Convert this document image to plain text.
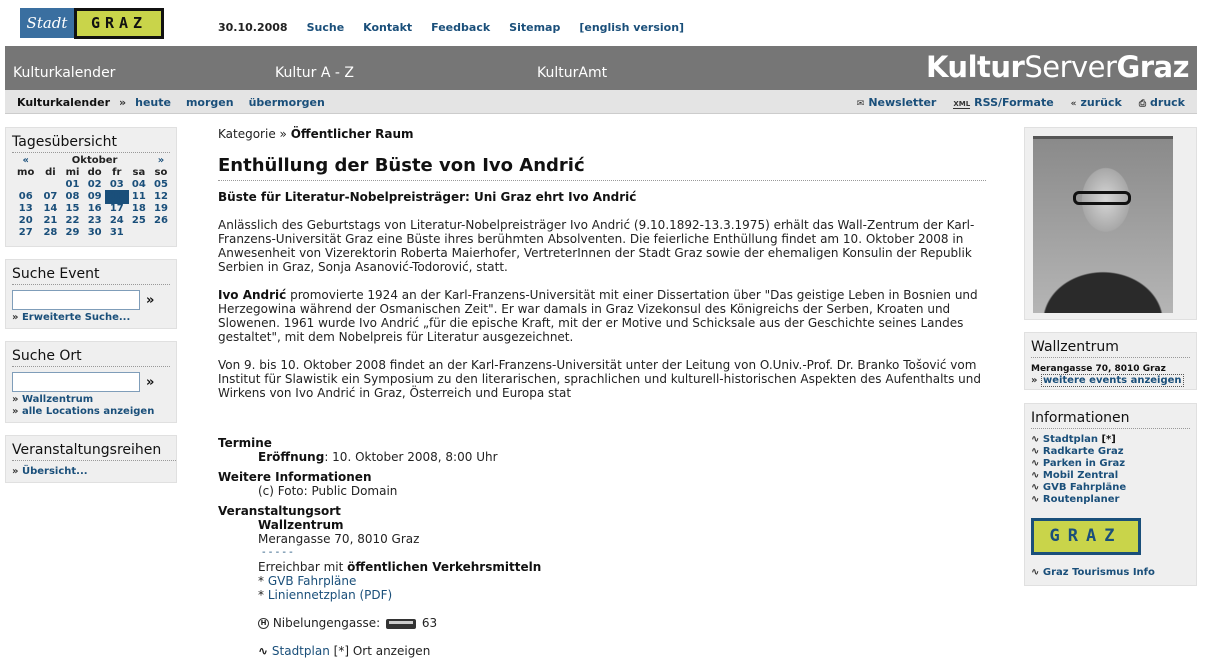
Stadt	GRAZ	30.10.2008 Suche Kontakt Feedback Sitemap [english version]
Kulturkalender	Kultur A - Z	KulturAmt	KulturServerGraz
Kulturkalender » heute morgen übermorgen	✉ Newsletter XML RSS/Formate « zurück ⎙ druck
Tagesübersicht
«	Oktober					»
mo	di	mi	do	fr	sa	so
		01	02	03	04	05
06	07	08	09	10	11	12
13	14	15	16	17	18	19
20	21	22	23	24	25	26
27	28	29	30	31		
Suche Event
»
» Erweiterte Suche...
Suche Ort
»
» Wallzentrum
» alle Locations anzeigen
Veranstaltungsreihen
» Übersicht...
Kategorie » Öffentlicher Raum
Enthüllung der Büste von Ivo Andrić

Büste für Literatur-Nobelpreisträger: Uni Graz ehrt Ivo Andrić

Anlässlich des Geburtstags von Literatur-Nobelpreisträger Ivo Andrić (9.10.1892-13.3.1975) erhält das Wall-Zentrum der Karl-Franzens-Universität Graz eine Büste ihres berühmten Absolventen. Die feierliche Enthüllung findet am 10. Oktober 2008 in Anwesenheit von Vizerektorin Roberta Maierhofer, VertreterInnen der Stadt Graz sowie der ehemaligen Konsulin der Republik Serbien in Graz, Sonja Asanović-Todorović, statt.

Ivo Andrić promovierte 1924 an der Karl-Franzens-Universität mit einer Dissertation über "Das geistige Leben in Bosnien und Herzegowina während der Osmanischen Zeit". Er war damals in Graz Vizekonsul des Königreichs der Serben, Kroaten und Slowenen. 1961 wurde Ivo Andrić „für die epische Kraft, mit der er Motive und Schicksale aus der Geschichte seines Landes gestaltet", mit dem Nobelpreis für Literatur ausgezeichnet.

Von 9. bis 10. Oktober 2008 findet an der Karl-Franzens-Universität unter der Leitung von O.Univ.-Prof. Dr. Branko Tošović vom Institut für Slawistik ein Symposium zu den literarischen, sprachlichen und kulturell-historischen Aspekten des Aufenthalts und Wirkens von Ivo Andrić in Graz, Österreich und Europa stat

Termine
Eröffnung: 10. Oktober 2008, 8:00 Uhr
Weitere Informationen
(c) Foto: Public Domain
Veranstaltungsort
Wallzentrum
Merangasse 70, 8010 Graz
- - - - -
Erreichbar mit öffentlichen Verkehrsmitteln
* GVB Fahrpläne
* Liniennetzplan (PDF)
H Nibelungengasse:	63
∿ Stadtplan [*] Ort anzeigen
Wallzentrum
Merangasse 70, 8010 Graz
» weitere events anzeigen
Informationen
∿ Stadtplan [*]
∿ Radkarte Graz
∿ Parken in Graz
∿ Mobil Zentral
∿ GVB Fahrpläne
∿ Routenplaner
GRAZ
∿ Graz Tourismus Info
